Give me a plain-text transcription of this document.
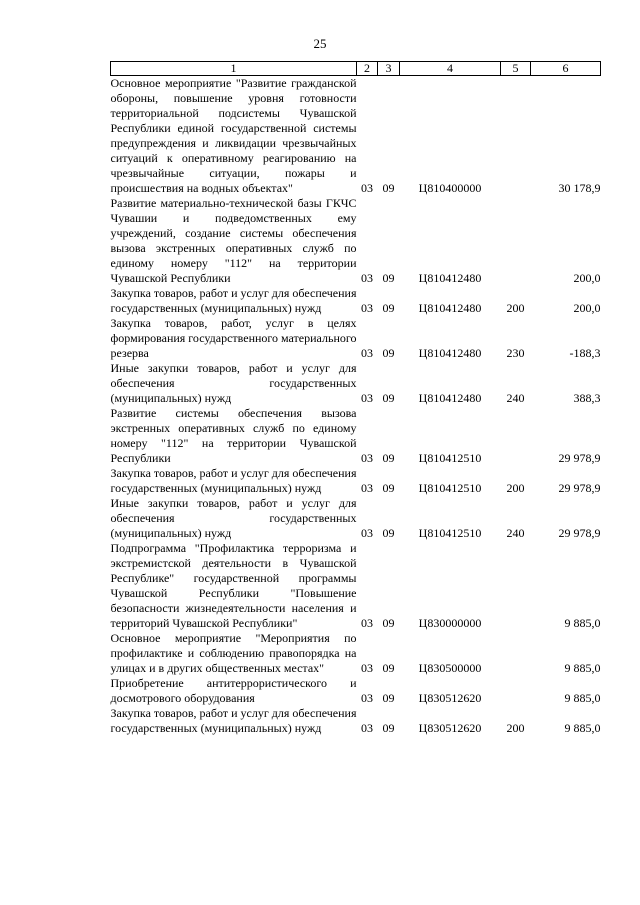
25
1	2	3	4	5	6
Основное мероприятие "Развитие гражданской обороны, повышение уровня готовности территориальной подсистемы Чувашской Республики единой государственной системы предупреждения и ликвидации чрезвычайных ситуаций к оперативному реагированию на чрезвычайные ситуации, пожары и происшествия на водных объектах"	03	09	Ц810400000		30 178,9
Развитие материально-технической базы ГКЧС Чувашии и подведомственных ему учреждений, создание системы обеспечения вызова экстренных оперативных служб по единому номеру "112" на территории Чувашской Республики	03	09	Ц810412480		200,0
Закупка товаров, работ и услуг для обеспечения государственных (муниципальных) нужд	03	09	Ц810412480	200	200,0
Закупка товаров, работ, услуг в целях формирования государственного материального резерва	03	09	Ц810412480	230	-188,3
Иные закупки товаров, работ и услуг для обеспечения государственных (муниципальных) нужд	03	09	Ц810412480	240	388,3
Развитие системы обеспечения вызова экстренных оперативных служб по единому номеру "112" на территории Чувашской Республики	03	09	Ц810412510		29 978,9
Закупка товаров, работ и услуг для обеспечения государственных (муниципальных) нужд	03	09	Ц810412510	200	29 978,9
Иные закупки товаров, работ и услуг для обеспечения государственных (муниципальных) нужд	03	09	Ц810412510	240	29 978,9
Подпрограмма "Профилактика терроризма и экстремистской деятельности в Чувашской Республике" государственной программы Чувашской Республики "Повышение безопасности жизнедеятельности населения и территорий Чувашской Республики"	03	09	Ц830000000		9 885,0
Основное мероприятие "Мероприятия по профилактике и соблюдению правопорядка на улицах и в других общественных местах"	03	09	Ц830500000		9 885,0
Приобретение антитеррористического и досмотрового оборудования	03	09	Ц830512620		9 885,0
Закупка товаров, работ и услуг для обеспечения государственных (муниципальных) нужд	03	09	Ц830512620	200	9 885,0
